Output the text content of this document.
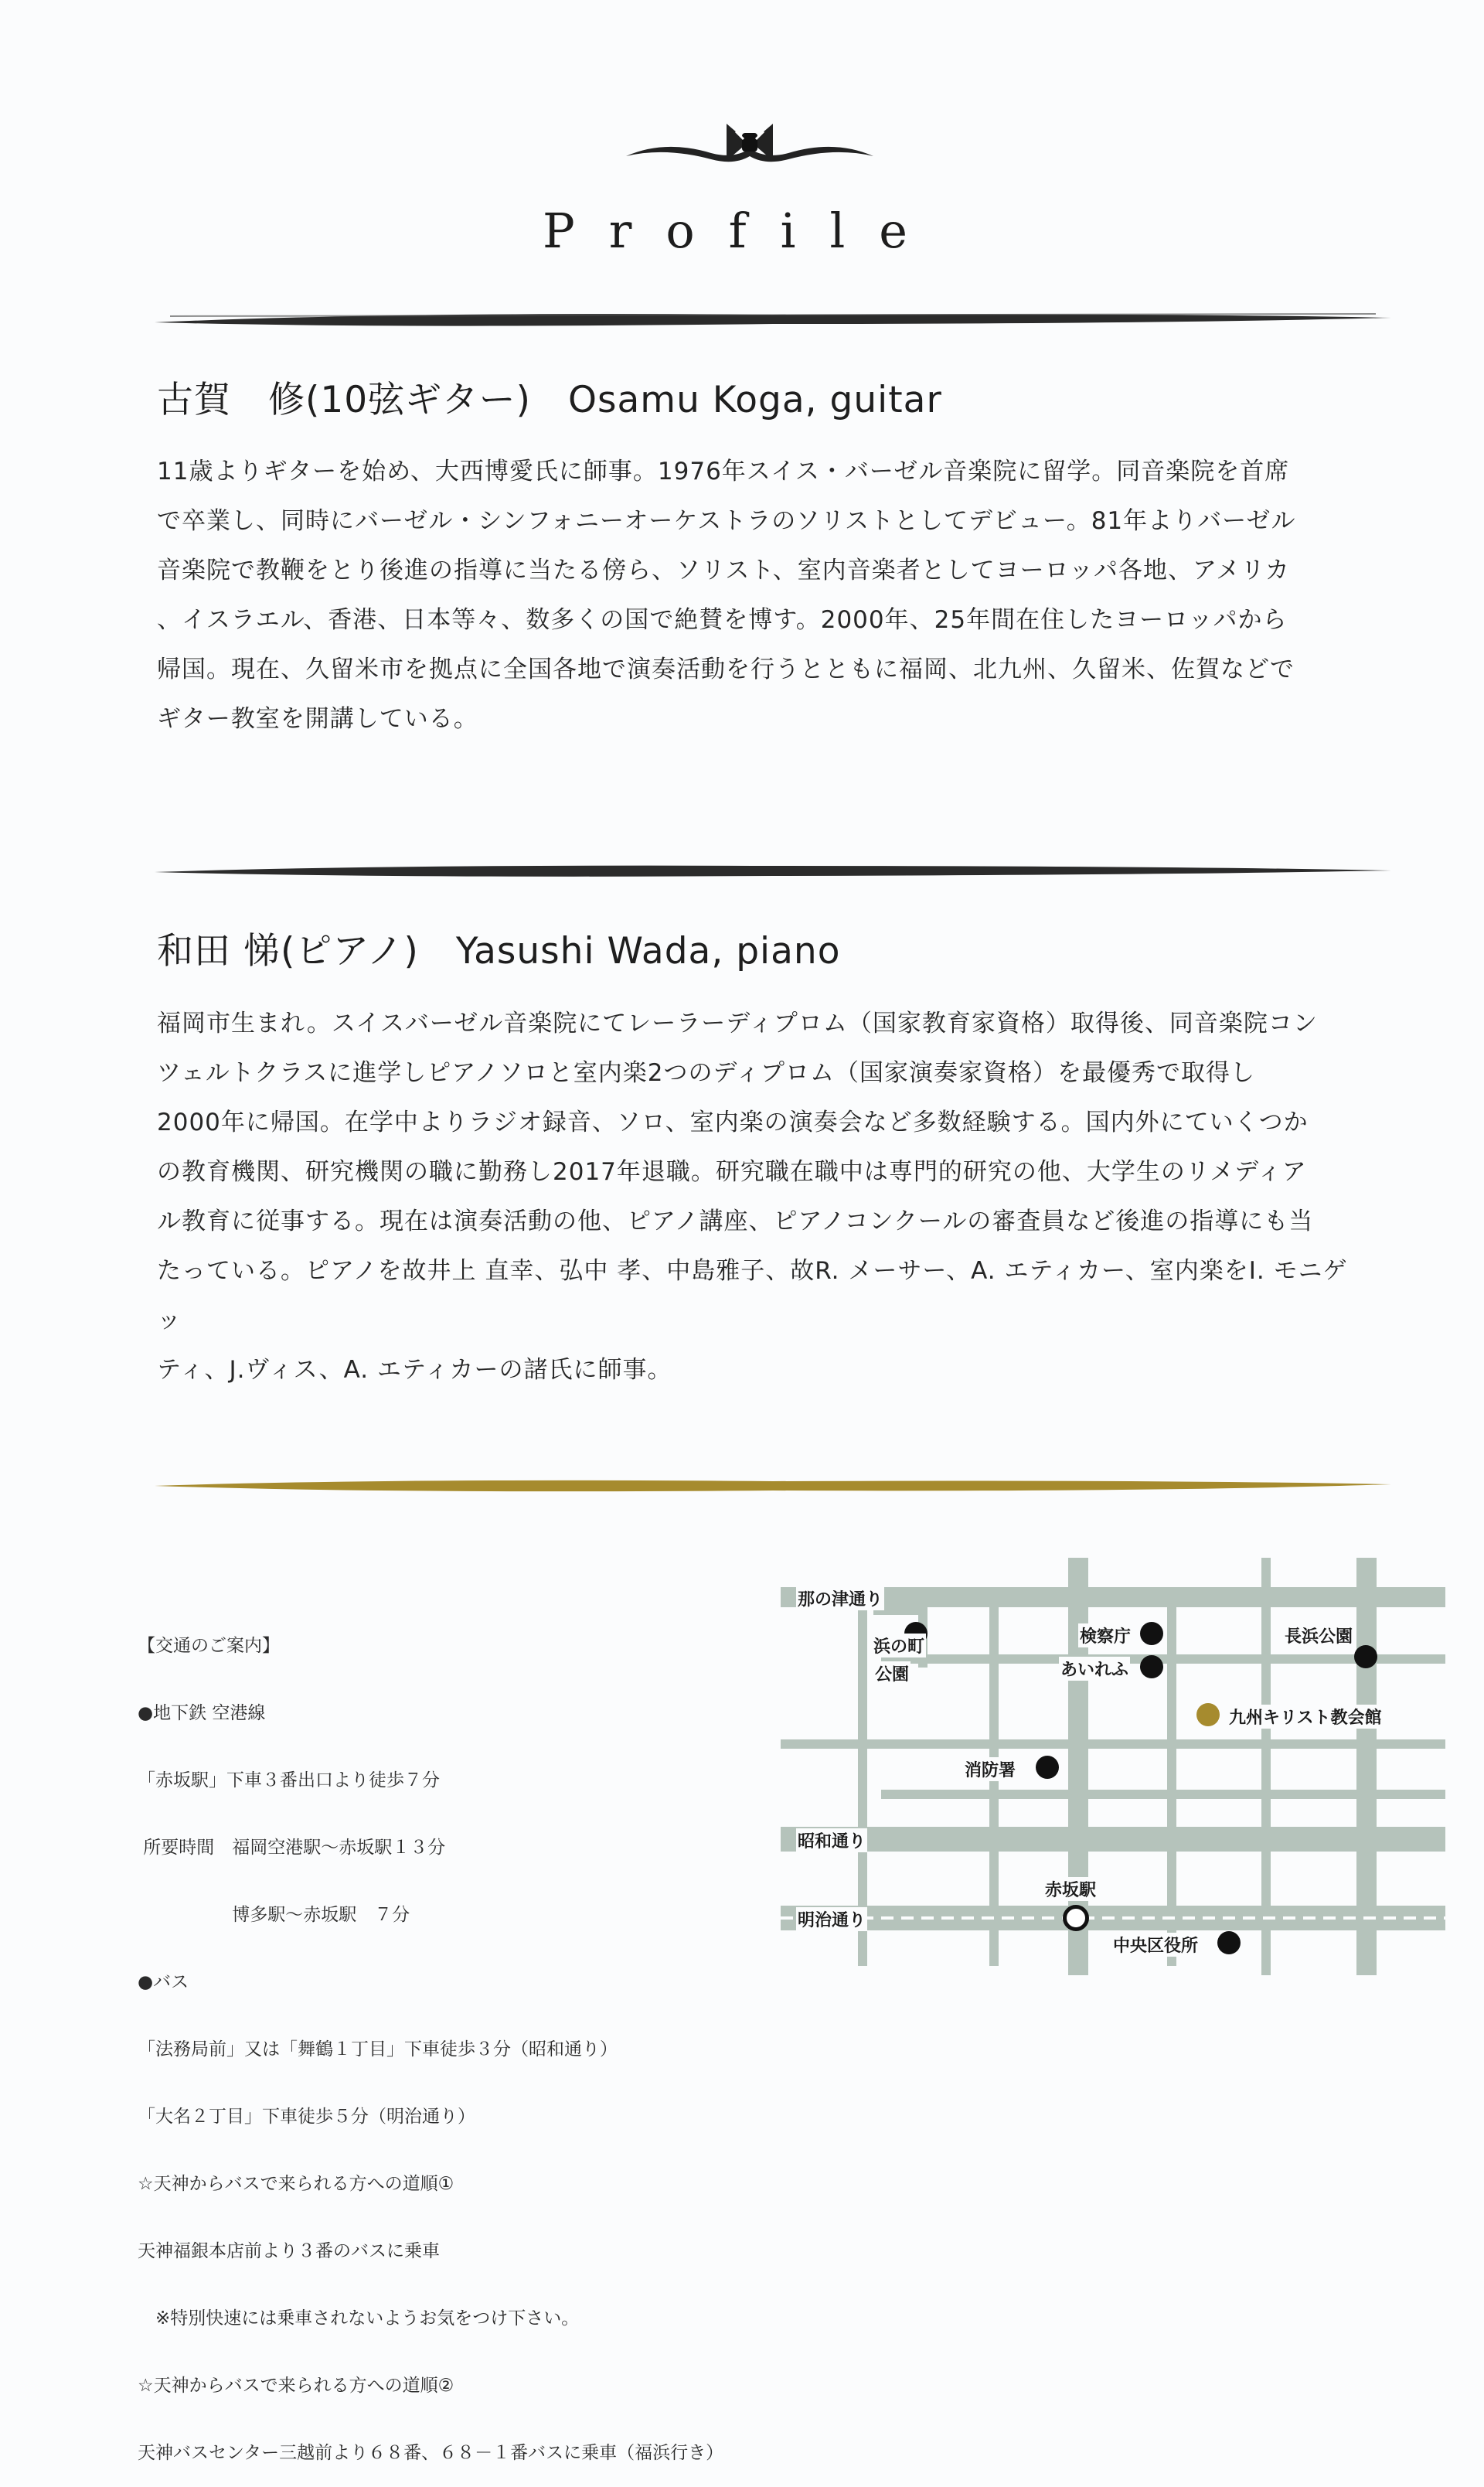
Profile
古賀　修(10弦ギター)　Osamu Koga, guitar
11歳よりギターを始め、大西博愛氏に師事。1976年スイス・バーゼル音楽院に留学。同音楽院を首席
で卒業し、同時にバーゼル・シンフォニーオーケストラのソリストとしてデビュー。81年よりバーゼル
音楽院で教鞭をとり後進の指導に当たる傍ら、ソリスト、室内音楽者としてヨーロッパ各地、アメリカ
、イスラエル、香港、日本等々、数多くの国で絶賛を博す。2000年、25年間在住したヨーロッパから
帰国。現在、久留米市を拠点に全国各地で演奏活動を行うとともに福岡、北九州、久留米、佐賀などで
ギター教室を開講している。
和田 悌(ピアノ)　Yasushi Wada, piano
福岡市生まれ。スイスバーゼル音楽院にてレーラーディプロム（国家教育家資格）取得後、同音楽院コン
ツェルトクラスに進学しピアノソロと室内楽2つのディプロム（国家演奏家資格）を最優秀で取得し
2000年に帰国。在学中よりラジオ録音、ソロ、室内楽の演奏会など多数経験する。国内外にていくつか
の教育機関、研究機関の職に勤務し2017年退職。研究職在職中は専門的研究の他、大学生のリメディア
ル教育に従事する。現在は演奏活動の他、ピアノ講座、ピアノコンクールの審査員など後進の指導にも当
たっている。ピアノを故井上 直幸、弘中 孝、中島雅子、故R. メーサー、A. エティカー、室内楽をI. モニゲッ
ティ、J.ヴィス、A. エティカーの諸氏に師事。

【交通のご案内】

●地下鉄 空港線

「赤坂駅」下車３番出口より徒歩７分

所要時間　福岡空港駅～赤坂駅１３分

　　　　　 博多駅～赤坂駅　７分

●バス

「法務局前」又は「舞鶴１丁目」下車徒歩３分（昭和通り）

「大名２丁目」下車徒歩５分（明治通り）

☆天神からバスで来られる方への道順①

天神福銀本店前より３番のバスに乗車

　※特別快速には乗車されないようお気をつけ下さい。

☆天神からバスで来られる方への道順②

天神バスセンター三越前より６８番、６８－１番バスに乗車（福浜行き）

那の津通り
浜の町
公園
検察庁
あいれふ
長浜公園
九州キリスト教会館
消防署
昭和通り
赤坂駅
明治通り
中央区役所
